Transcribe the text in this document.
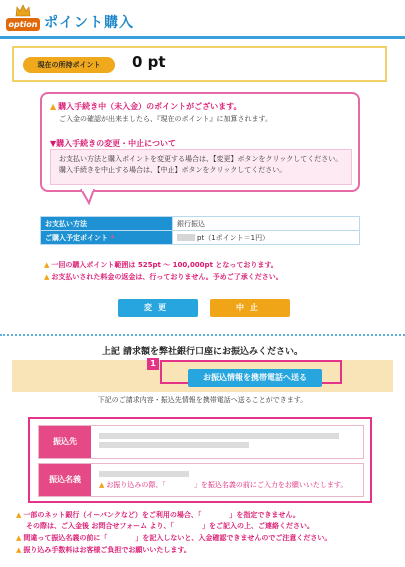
option ポイント購入
現在の所持ポイント	0 pt
▲ 購入手続き中（未入金）のポイントがございます。
ご入金の確認が出来ましたら、『現在のポイント』に加算されます。
▼購入手続きの変更・中止について
お支払い方法と購入ポイントを変更する場合は、【変更】ボタンをクリックしてください。
購入手続きを中止する場合は、【中止】ボタンをクリックしてください。
お支払い方法	銀行振込
ご購入予定ポイント *	pt（1ポイント＝1円）
▲ 一回の購入ポイント範囲は 525pt ～ 100,000pt となっております。
▲ お支払いされた料金の返金は、行っておりません。予めご了承ください。
変更	中止
上記 請求額を弊社銀行口座にお振込みください。
1
お振込情報を携帯電話へ送る
下記のご請求内容・振込先情報を携帯電話へ送ることができます。
振込先
振込名義
▲ お振り込みの際、「　　　　」を振込名義の前にご入力をお願いいたします。
▲ 一部のネット銀行（イーバンクなど）をご利用の場合、「　　　　」を指定できません。
その際は、ご入金後 お問合せフォーム より、「　　　　」をご記入の上、ご連絡ください。
▲ 間違って振込名義の前に「　　　　」を記入しないと、入金確認できませんのでご注意ください。
▲ 振り込み手数料はお客様ご負担でお願いいたします。
